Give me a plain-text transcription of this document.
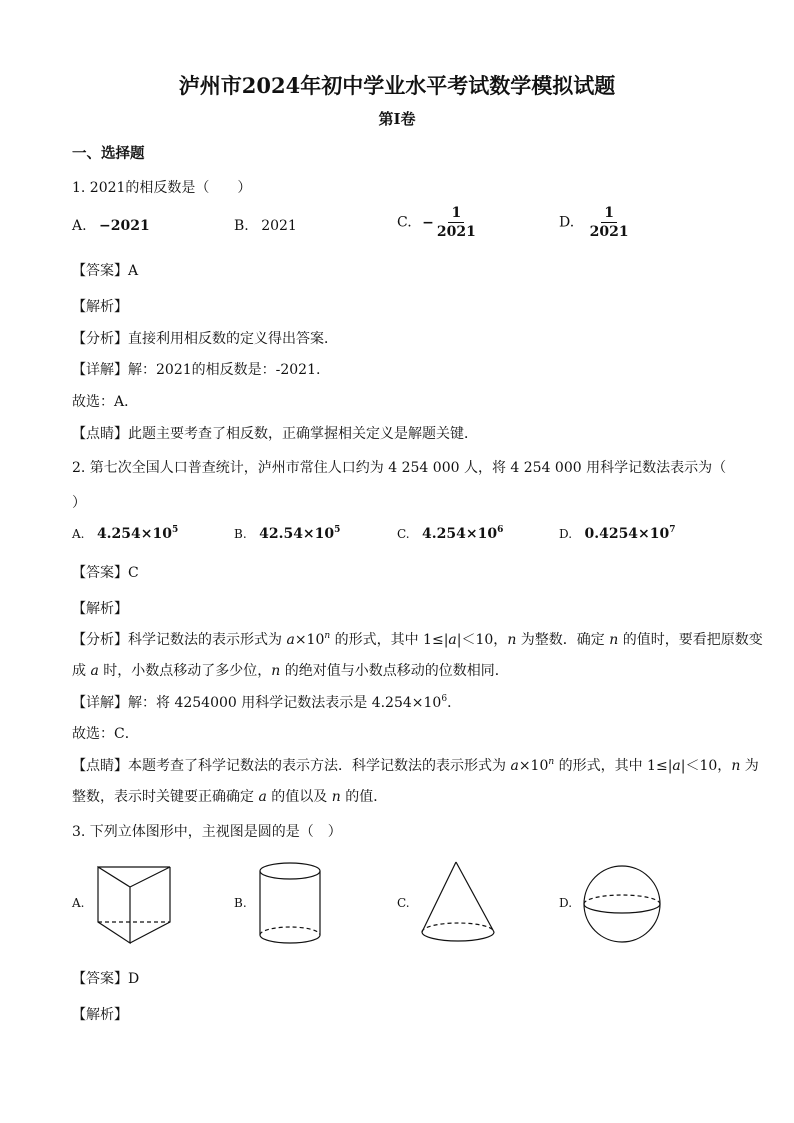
泸州市2024年初中学业水平考试数学模拟试题
第Ⅰ卷
一、选择题
1. 2021的相反数是（　　）
A. −2021	B. 2021	C. − $\frac{1}{2021}$	D. $\frac{1}{2021}$
【答案】A
【解析】
【分析】直接利用相反数的定义得出答案．
【详解】解：2021的相反数是：-2021.
故选：A．
【点睛】此题主要考查了相反数，正确掌握相关定义是解题关键．
2. 第七次全国人口普查统计，泸州市常住人口约为 4 254 000 人，将 4 254 000 用科学记数法表示为（
）
A. $4.254\times 10^5$	B. $42.54\times 10^5$	C. $4.254\times 10^6$	D. $0.4254\times 10^7$
【答案】C
【解析】
【分析】科学记数法的表示形式为 $a\times 10^n$ 的形式，其中 1≤|a|＜10，n 为整数．确定 n 的值时，要看把原数变
成 a 时，小数点移动了多少位，n 的绝对值与小数点移动的位数相同．
【详解】解：将 4254000 用科学记数法表示是 $4.254\times 10^6$．
故选：C．
【点睛】本题考查了科学记数法的表示方法．科学记数法的表示形式为 $a\times 10^n$ 的形式，其中 1≤|a|＜10，n 为
整数，表示时关键要正确确定 a 的值以及 n 的值．
3. 下列立体图形中，主视图是圆的是（　）
A.	B.	C.	D.
【答案】D
【解析】
